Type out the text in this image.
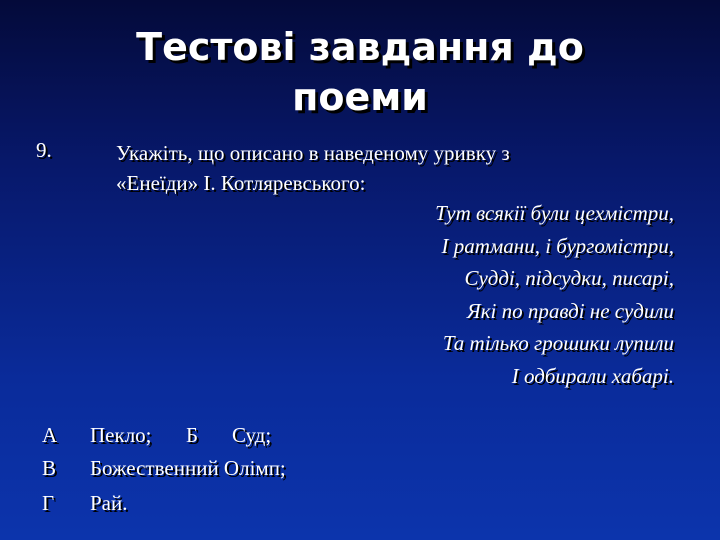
Тестові завдання до
поеми
9.	Укажіть, що описано в наведеному уривку з
«Енеїди» І. Котляревського:
Тут всякії були цехмістри,
І ратмани, і бургомістри,
Судді, підсудки, писарі,
Які по правді не судили
Та тілько грошики лупили
І одбирали хабарі.
А Пекло; Б Суд;
В Божественний Олімп;
Г Рай.
